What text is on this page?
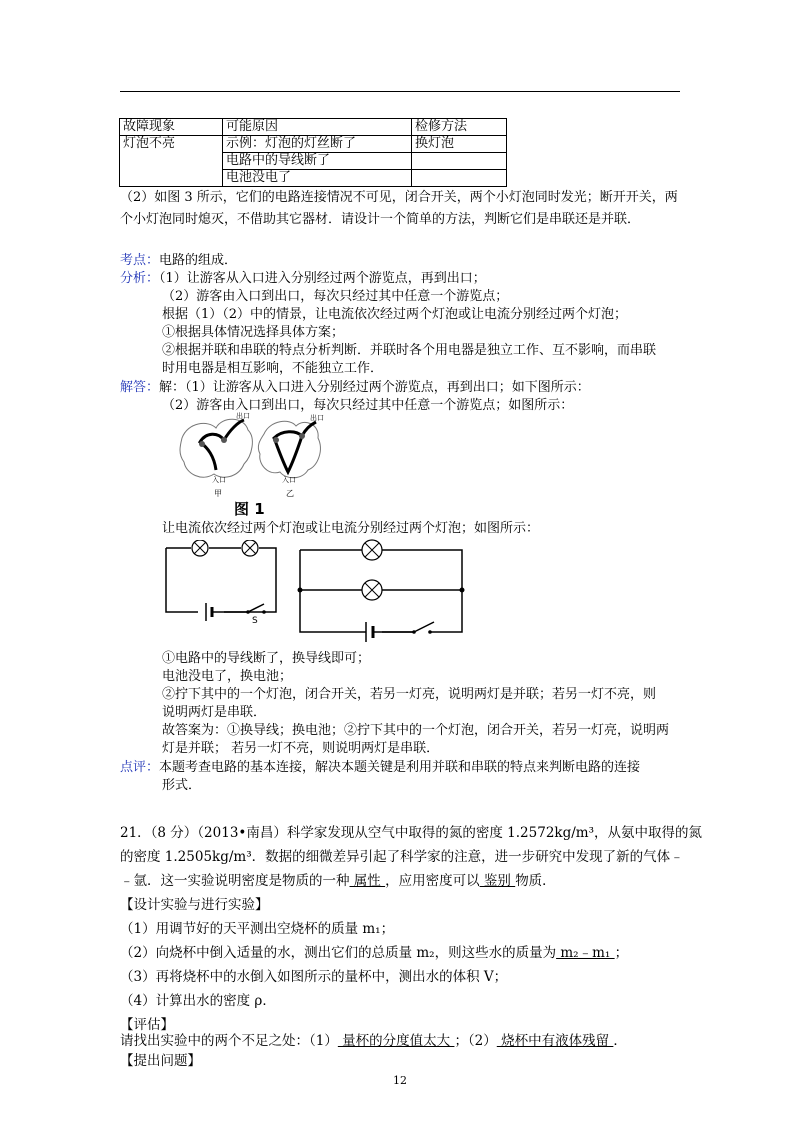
故障现象	可能原因	检修方法
灯泡不亮	示例：灯泡的灯丝断了	换灯泡
	电路中的导线断了	
	电池没电了	
（2）如图 3 所示，它们的电路连接情况不可见，闭合开关，两个小灯泡同时发光；断开开关，两
个小灯泡同时熄灭，不借助其它器材．请设计一个简单的方法，判断它们是串联还是并联．
考点：电路的组成．
分析：（1）让游客从入口进入分别经过两个游览点，再到出口；
（2）游客由入口到出口，每次只经过其中任意一个游览点；
根据（1）（2）中的情景，让电流依次经过两个灯泡或让电流分别经过两个灯泡；
①根据具体情况选择具体方案；
②根据并联和串联的特点分析判断．并联时各个用电器是独立工作、互不影响，而串联
时用电器是相互影响，不能独立工作．
解答：解：（1）让游客从入口进入分别经过两个游览点，再到出口；如下图所示：
（2）游客由入口到出口，每次只经过其中任意一个游览点；如图所示：
出口	出口
入口	入口
甲	乙
图 1
让电流依次经过两个灯泡或让电流分别经过两个灯泡；如图所示：
S
①电路中的导线断了，换导线即可；
电池没电了，换电池；
②拧下其中的一个灯泡，闭合开关，若另一灯亮，说明两灯是并联；若另一灯不亮，则
说明两灯是串联．
故答案为：①换导线；换电池；②拧下其中的一个灯泡，闭合开关，若另一灯亮，说明两
灯是并联； 若另一灯不亮，则说明两灯是串联．
点评：本题考查电路的基本连接，解决本题关键是利用并联和串联的特点来判断电路的连接
形式．
21．（8 分）（2013•南昌）科学家发现从空气中取得的氮的密度 1.2572kg/m³，从氨中取得的氮
的密度 1.2505kg/m³．数据的细微差异引起了科学家的注意，进一步研究中发现了新的气体﹣
﹣氩．这一实验说明密度是物质的一种 属性 ，应用密度可以 鉴别 物质．
【设计实验与进行实验】
（1）用调节好的天平测出空烧杯的质量 m₁；
（2）向烧杯中倒入适量的水，测出它们的总质量 m₂，则这些水的质量为 m₂﹣m₁ ；
（3）再将烧杯中的水倒入如图所示的量杯中，测出水的体积 V；
（4）计算出水的密度 ρ．
【评估】
请找出实验中的两个不足之处：（1） 量杯的分度值太大 ；（2） 烧杯中有液体残留 ．
【提出问题】
12
